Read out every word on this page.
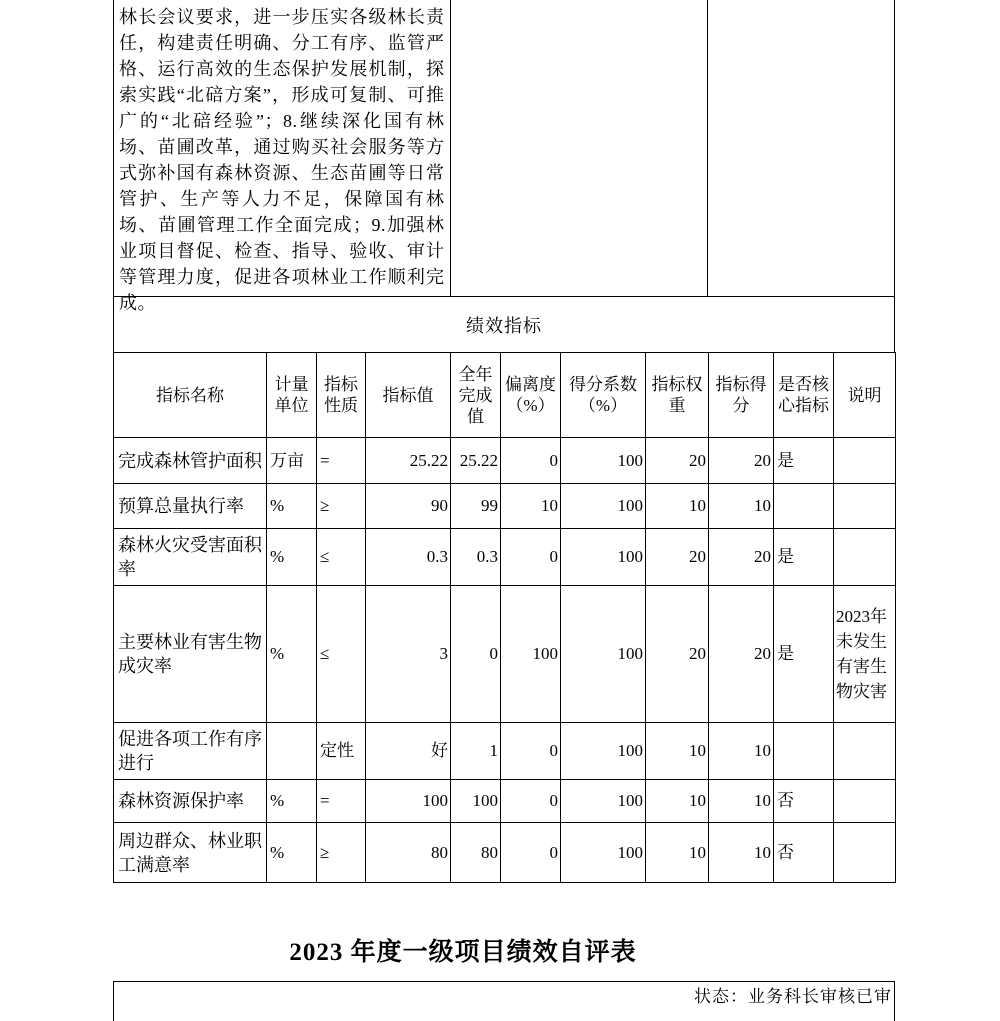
林长会议要求，进一步压实各级林长责任，构建责任明确、分工有序、监管严格、运行高效的生态保护发展机制，探索实践“北碚方案”，形成可复制、可推广的“北碚经验”；8.继续深化国有林场、苗圃改革，通过购买社会服务等方式弥补国有森林资源、生态苗圃等日常管护、生产等人力不足，保障国有林场、苗圃管理工作全面完成；9.加强林业项目督促、检查、指导、验收、审计等管理力度，促进各项林业工作顺利完成。
绩效指标
指标名称	计量单位	指标性质	指标值	全年完成值	偏离度（%）	得分系数（%）	指标权重	指标得分	是否核心指标	说明
完成森林管护面积	万亩	=	25.22	25.22	0	100	20	20	是	
预算总量执行率	%	≥	90	99	10	100	10	10		
森林火灾受害面积率	%	≤	0.3	0.3	0	100	20	20	是	
主要林业有害生物成灾率	%	≤	3	0	100	100	20	20	是	2023年未发生有害生物灾害
促进各项工作有序进行		定性	好	1	0	100	10	10		
森林资源保护率	%	=	100	100	0	100	10	10	否	
周边群众、林业职工满意率	%	≥	80	80	0	100	10	10	否	
2023 年度一级项目绩效自评表
状态：业务科长审核已审
